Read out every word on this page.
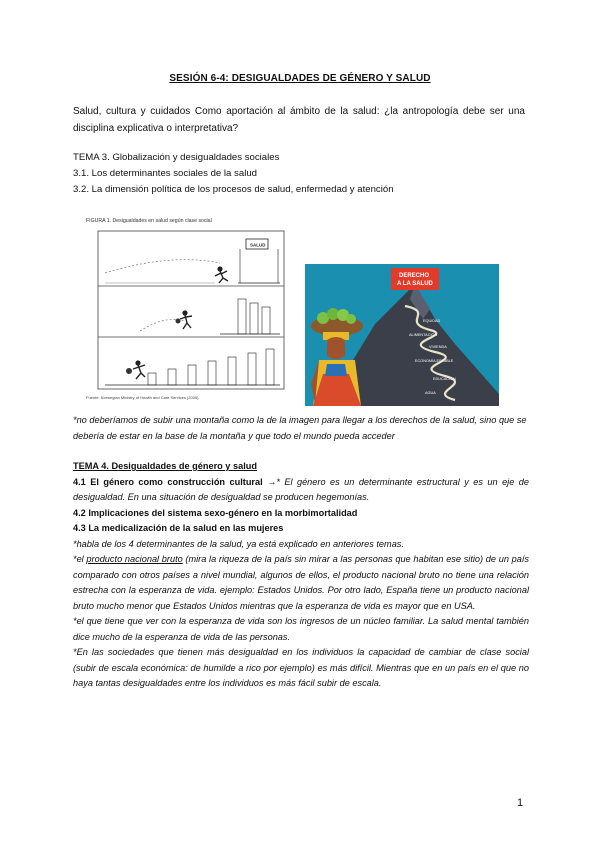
SESIÓN 6-4: DESIGUALDADES DE GÉNERO Y SALUD
Salud, cultura y cuidados Como aportación al ámbito de la salud: ¿la antropología debe ser una disciplina explicativa o interpretativa?
TEMA 3. Globalización y desigualdades sociales
3.1. Los determinantes sociales de la salud
3.2. La dimensión política de los procesos de salud, enfermedad y atención
FIGURA 1. Desigualdades en salud según clase social
SALUD
Fuente: Norwegian Ministry of Health and Care Services (2006).
EQUIDAD
ALIMENTACIÓN
VIVIENDA
ECONOMÍA ESTABLE
EDUCACIÓN
AGUA
DERECHO
A LA SALUD
*no deberíamos de subir una montaña como la de la imagen para llegar a los derechos de la salud, sino que se debería de estar en la base de la montaña y que todo el mundo pueda acceder

TEMA 4. Desigualdades de género y salud

4.1 El género como construcción cultural →* El género es un determinante estructural y es un eje de desigualdad. En una situación de desigualdad se producen hegemonías.

4.2 Implicaciones del sistema sexo-género en la morbimortalidad

4.3 La medicalización de la salud en las mujeres

*habla de los 4 determinantes de la salud, ya está explicado en anteriores temas.

*el producto nacional bruto (mira la riqueza de la país sin mirar a las personas que habitan ese sitio) de un país comparado con otros países a nivel mundial, algunos de ellos, el producto nacional bruto no tiene una relación estrecha con la esperanza de vida. ejemplo: Estados Unidos. Por otro lado, España tiene un producto nacional bruto mucho menor que Estados Unidos mientras que la esperanza de vida es mayor que en USA.

*el que tiene que ver con la esperanza de vida son los ingresos de un núcleo familiar. La salud mental también dice mucho de la esperanza de vida de las personas.

*En las sociedades que tienen más desigualdad en los individuos la capacidad de cambiar de clase social (subir de escala económica: de humilde a rico por ejemplo) es más difícil. Mientras que en un país en el que no haya tantas desigualdades entre los individuos es más fácil subir de escala.

1
